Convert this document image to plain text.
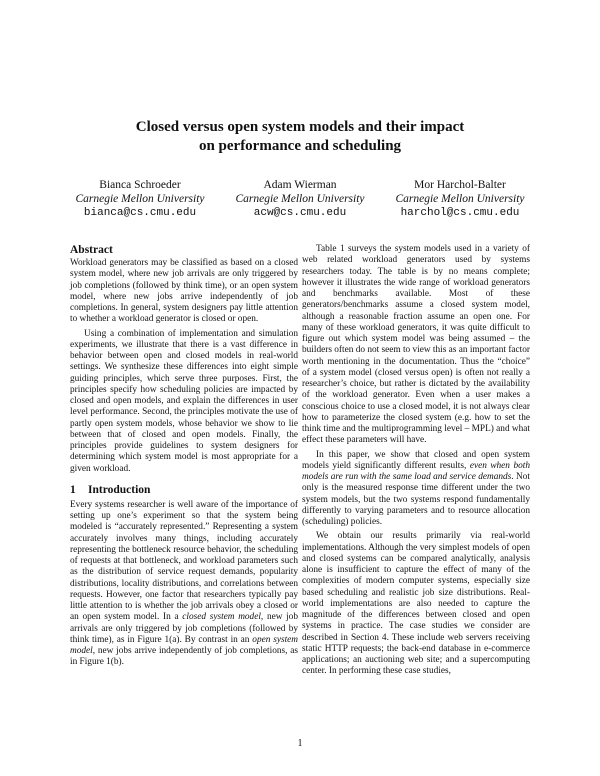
Closed versus open system models and their impact
on performance and scheduling
Bianca Schroeder
Carnegie Mellon University
bianca@cs.cmu.edu
Adam Wierman
Carnegie Mellon University
acw@cs.cmu.edu
Mor Harchol-Balter
Carnegie Mellon University
harchol@cs.cmu.edu
Abstract

Workload generators may be classified as based on a closed system model, where new job arrivals are only triggered by job completions (followed by think time), or an open system model, where new jobs arrive independently of job completions. In general, system designers pay little attention to whether a workload generator is closed or open.

Using a combination of implementation and simulation experiments, we illustrate that there is a vast difference in behavior between open and closed models in real-world settings. We synthesize these differences into eight simple guiding principles, which serve three purposes. First, the principles specify how scheduling policies are impacted by closed and open models, and explain the differences in user level performance. Second, the principles motivate the use of partly open system models, whose behavior we show to lie between that of closed and open models. Finally, the principles provide guidelines to system designers for determining which system model is most appropriate for a given workload.

1 Introduction

Every systems researcher is well aware of the importance of setting up one’s experiment so that the system being modeled is “accurately represented.” Representing a system accurately involves many things, including accurately representing the bottleneck resource behavior, the scheduling of requests at that bottleneck, and workload parameters such as the distribution of service request demands, popularity distributions, locality distributions, and correlations between requests. However, one factor that researchers typically pay little attention to is whether the job arrivals obey a closed or an open system model. In a closed system model, new job arrivals are only triggered by job completions (followed by think time), as in Figure 1(a). By contrast in an open system model, new jobs arrive independently of job completions, as in Figure 1(b).

Table 1 surveys the system models used in a variety of web related workload generators used by systems researchers today. The table is by no means complete; however it illustrates the wide range of workload generators and benchmarks available. Most of these generators/benchmarks assume a closed system model, although a reasonable fraction assume an open one. For many of these workload generators, it was quite difficult to figure out which system model was being assumed – the builders often do not seem to view this as an important factor worth mentioning in the documentation. Thus the “choice” of a system model (closed versus open) is often not really a researcher’s choice, but rather is dictated by the availability of the workload generator. Even when a user makes a conscious choice to use a closed model, it is not always clear how to parameterize the closed system (e.g. how to set the think time and the multiprogramming level – MPL) and what effect these parameters will have.

In this paper, we show that closed and open system models yield significantly different results, even when both models are run with the same load and service demands. Not only is the measured response time different under the two system models, but the two systems respond fundamentally differently to varying parameters and to resource allocation (scheduling) policies.

We obtain our results primarily via real-world implementations. Although the very simplest models of open and closed systems can be compared analytically, analysis alone is insufficient to capture the effect of many of the complexities of modern computer systems, especially size based scheduling and realistic job size distributions. Real-world implementations are also needed to capture the magnitude of the differences between closed and open systems in practice. The case studies we consider are described in Section 4. These include web servers receiving static HTTP requests; the back-end database in e-commerce applications; an auctioning web site; and a supercomputing center. In performing these case studies,

1
